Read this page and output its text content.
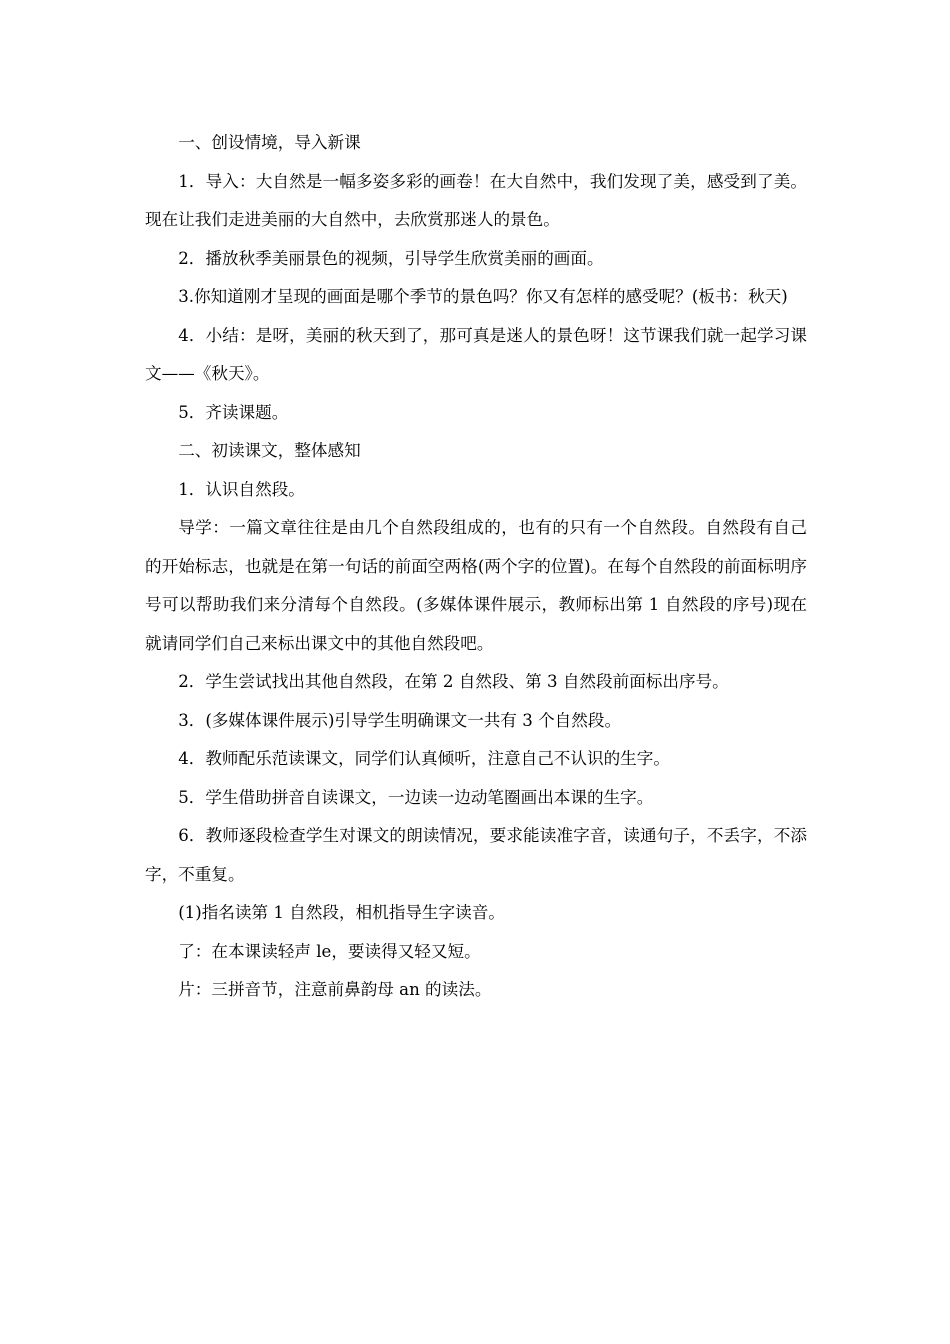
一、创设情境，导入新课

1．导入：大自然是一幅多姿多彩的画卷！在大自然中，我们发现了美，感受到了美。现在让我们走进美丽的大自然中，去欣赏那迷人的景色。

2．播放秋季美丽景色的视频，引导学生欣赏美丽的画面。

3.你知道刚才呈现的画面是哪个季节的景色吗？你又有怎样的感受呢？(板书：秋天)

4．小结：是呀，美丽的秋天到了，那可真是迷人的景色呀！这节课我们就一起学习课文——《秋天》。

5．齐读课题。

二、初读课文，整体感知

1．认识自然段。

导学：一篇文章往往是由几个自然段组成的，也有的只有一个自然段。自然段有自己的开始标志，也就是在第一句话的前面空两格(两个字的位置)。在每个自然段的前面标明序号可以帮助我们来分清每个自然段。(多媒体课件展示，教师标出第 1 自然段的序号)现在就请同学们自己来标出课文中的其他自然段吧。

2．学生尝试找出其他自然段，在第 2 自然段、第 3 自然段前面标出序号。

3．(多媒体课件展示)引导学生明确课文一共有 3 个自然段。

4．教师配乐范读课文，同学们认真倾听，注意自己不认识的生字。

5．学生借助拼音自读课文，一边读一边动笔圈画出本课的生字。

6．教师逐段检查学生对课文的朗读情况，要求能读准字音，读通句子，不丢字，不添字，不重复。

(1)指名读第 1 自然段，相机指导生字读音。

了：在本课读轻声 le，要读得又轻又短。

片：三拼音节，注意前鼻韵母 an 的读法。
